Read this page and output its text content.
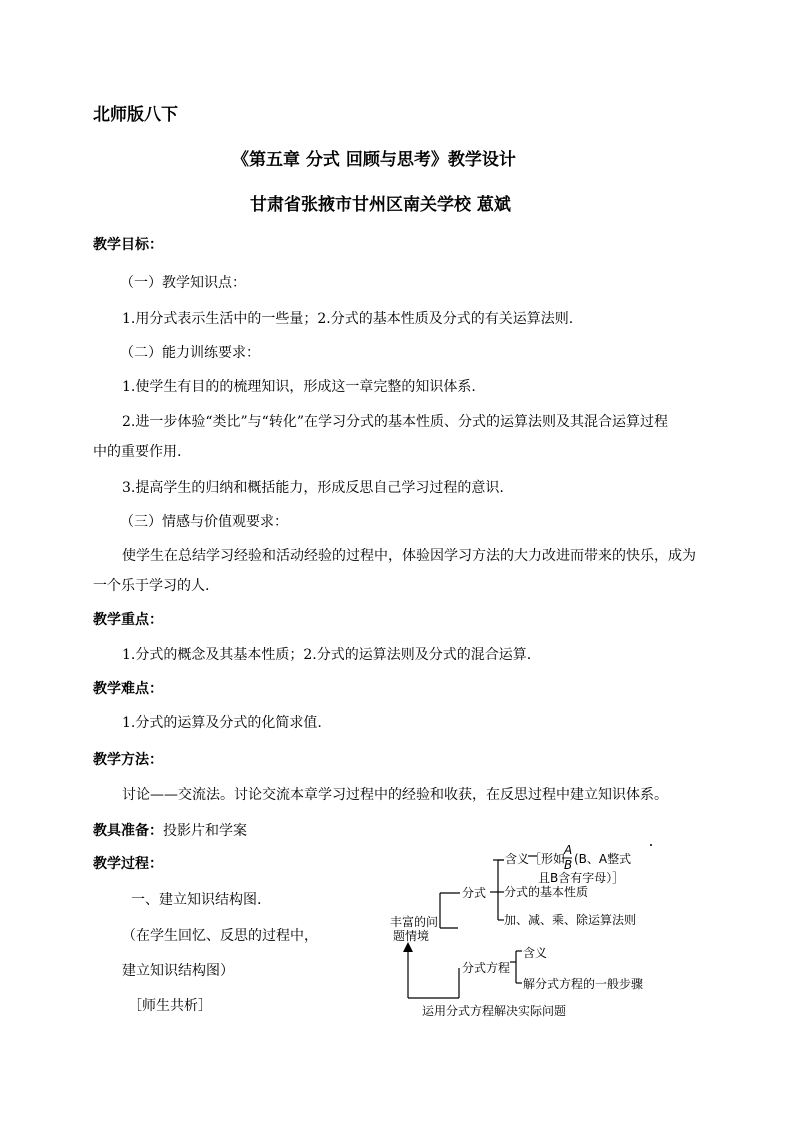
北师版八下
《第五章 分式 回顾与思考》教学设计
甘肃省张掖市甘州区南关学校 葸斌
教学目标：
（一）教学知识点：
1.用分式表示生活中的一些量；2.分式的基本性质及分式的有关运算法则.
（二）能力训练要求：
1.使学生有目的的梳理知识，形成这一章完整的知识体系.
2.进一步体验“类比”与“转化”在学习分式的基本性质、分式的运算法则及其混合运算过程
中的重要作用.
3.提高学生的归纳和概括能力，形成反思自己学习过程的意识.
（三）情感与价值观要求：
使学生在总结学习经验和活动经验的过程中，体验因学习方法的大力改进而带来的快乐，成为
一个乐于学习的人.
教学重点：
1.分式的概念及其基本性质；2.分式的运算法则及分式的混合运算.
教学难点：
1.分式的运算及分式的化简求值.
教学方法：
讨论——交流法。讨论交流本章学习过程中的经验和收获，在反思过程中建立知识体系。
教具准备：投影片和学案
教学过程：
一、建立知识结构图.
（在学生回忆、反思的过程中，
建立知识结构图）
［师生共析］
丰富的问
题情境
分式
含义［形如
A
B (B、A整式
且B含有字母）］
分式的基本性质
加、减、乘、除运算法则
分式方程
含义
解分式方程的一般步骤
运用分式方程解决实际问题
